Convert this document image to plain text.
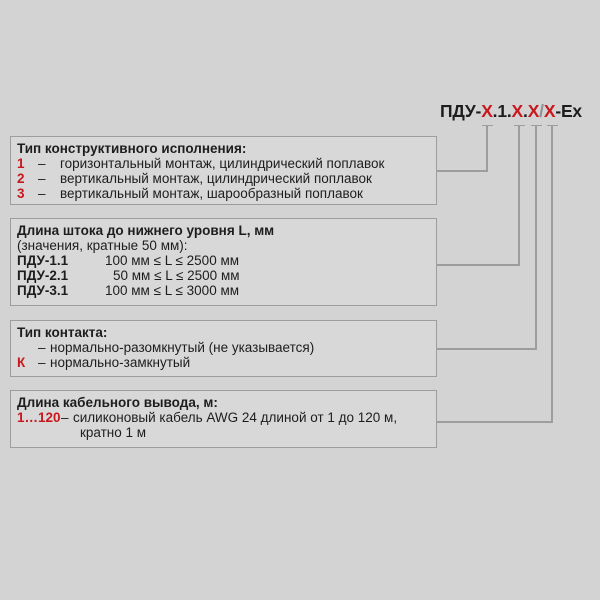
ПДУ-X.1.X.X/X-Ex
Тип конструктивного исполнения:
1 –	горизонтальный монтаж, цилиндрический поплавок
2 –	вертикальный монтаж, цилиндрический поплавок
3 –	вертикальный монтаж, шарообразный поплавок
Длина штока до нижнего уровня L, мм
(значения, кратные 50 мм):
ПДУ-1.1	100 мм ≤ L ≤ 2500 мм
ПДУ-2.1	50 мм ≤ L ≤ 2500 мм
ПДУ-3.1	100 мм ≤ L ≤ 3000 мм
Тип контакта:
– нормально-разомкнутый (не указывается)
К – нормально-замкнутый
Длина кабельного вывода, м:
1…120 – силиконовый кабель AWG 24 длиной от 1 до 120 м,
кратно 1 м
